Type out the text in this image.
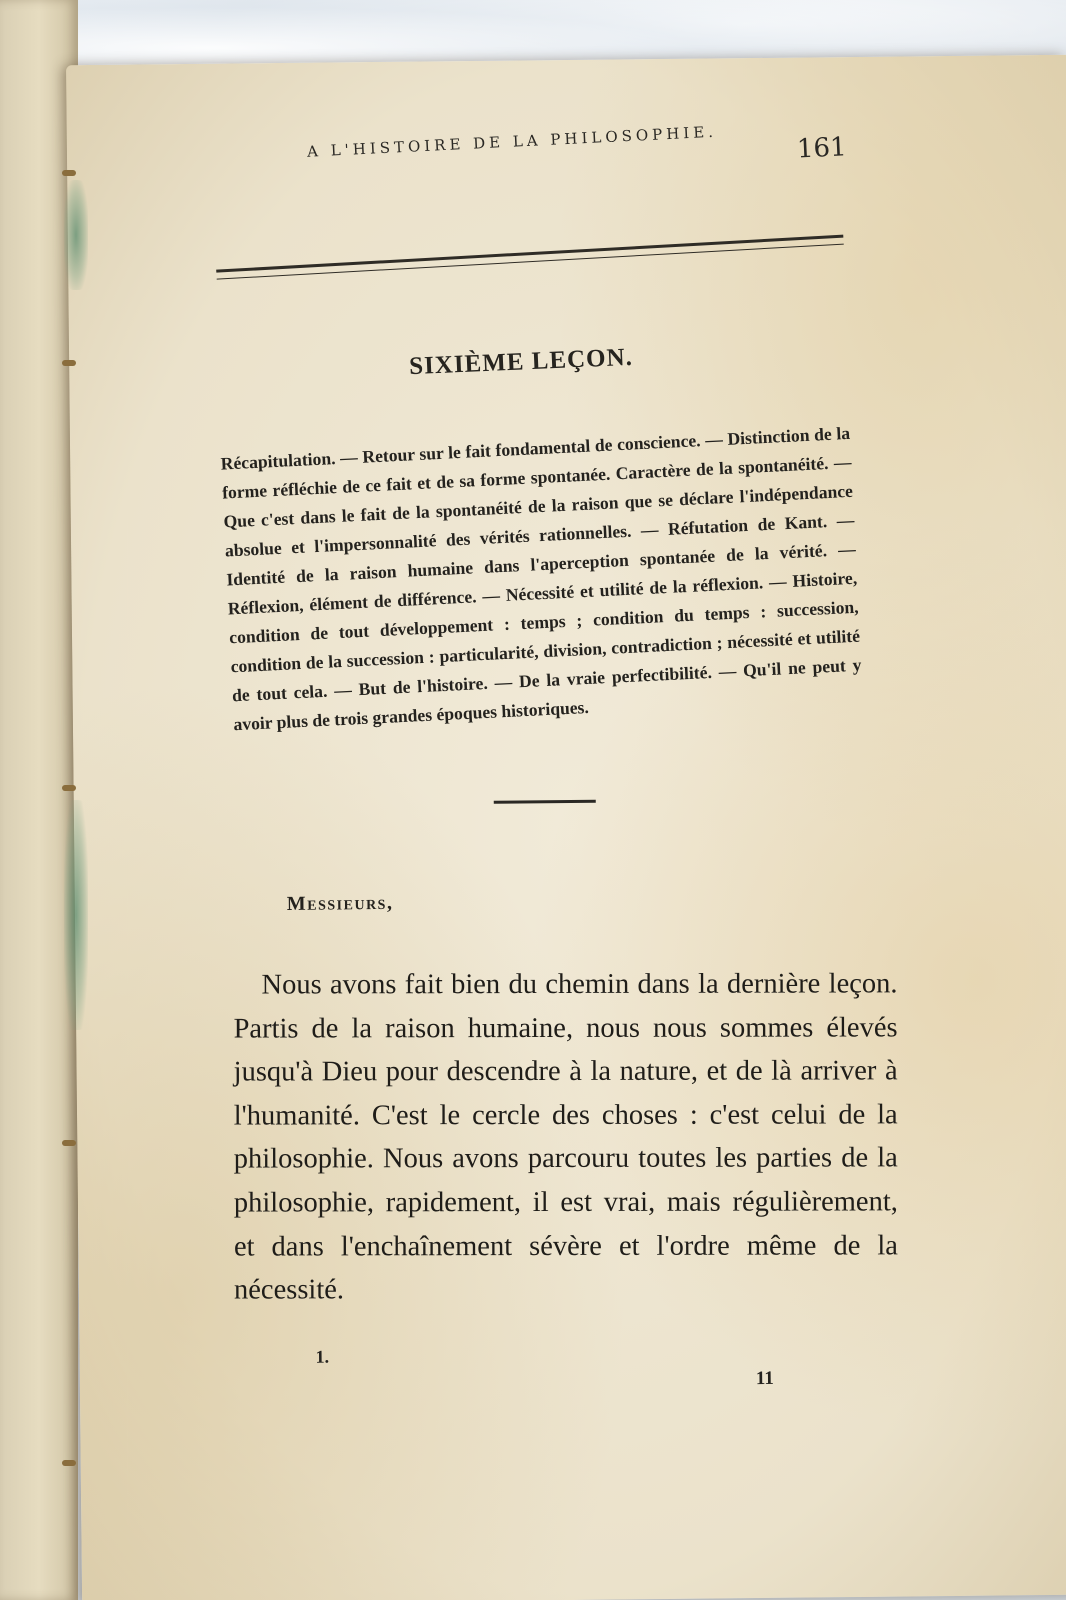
A L'HISTOIRE DE LA PHILOSOPHIE.	161
SIXIÈME LEÇON.
Récapitulation. — Retour sur le fait fondamental de conscience. — Distinction de la forme réfléchie de ce fait et de sa forme spontanée. Caractère de la spontanéité. — Que c'est dans le fait de la spontanéité de la raison que se déclare l'indépendance absolue et l'impersonnalité des vérités rationnelles. — Réfutation de Kant. — Identité de la raison humaine dans l'aperception spontanée de la vérité. — Réflexion, élément de différence. — Nécessité et utilité de la réflexion. — Histoire, condition de tout développement : temps ; condition du temps : succession, condition de la succession : particularité, division, contradiction ; nécessité et utilité de tout cela. — But de l'histoire. — De la vraie perfectibilité. — Qu'il ne peut y avoir plus de trois grandes époques historiques.
Messieurs,
Nous avons fait bien du chemin dans la dernière leçon. Partis de la raison humaine, nous nous sommes élevés jusqu'à Dieu pour descendre à la nature, et de là arriver à l'humanité. C'est le cercle des choses : c'est celui de la philosophie. Nous avons parcouru toutes les parties de la philosophie, rapidement, il est vrai, mais régulièrement, et dans l'enchaînement sévère et l'ordre même de la nécessité.
1.
11
